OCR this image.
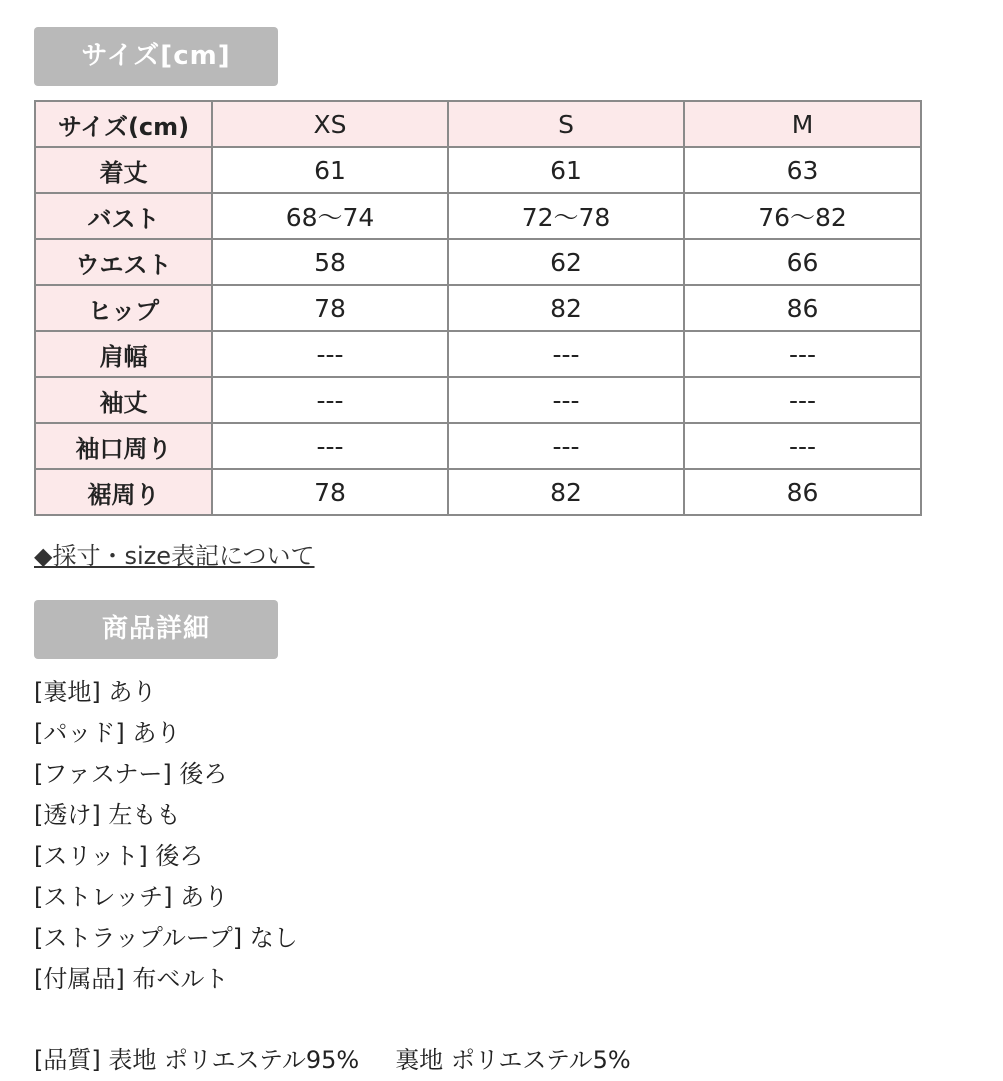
サイズ[cm]
サイズ(cm)	XS	S	M
着丈	61	61	63
バスト	68〜74	72〜78	76〜82
ウエスト	58	62	66
ヒップ	78	82	86
肩幅	---	---	---
袖丈	---	---	---
袖口周り	---	---	---
裾周り	78	82	86
◆採寸・size表記について
商品詳細
[裏地] あり
[パッド] あり
[ファスナー] 後ろ
[透け] 左もも
[スリット] 後ろ
[ストレッチ] あり
[ストラップループ] なし
[付属品] 布ベルト
[品質] 表地 ポリエステル95% 裏地 ポリエステル5%
